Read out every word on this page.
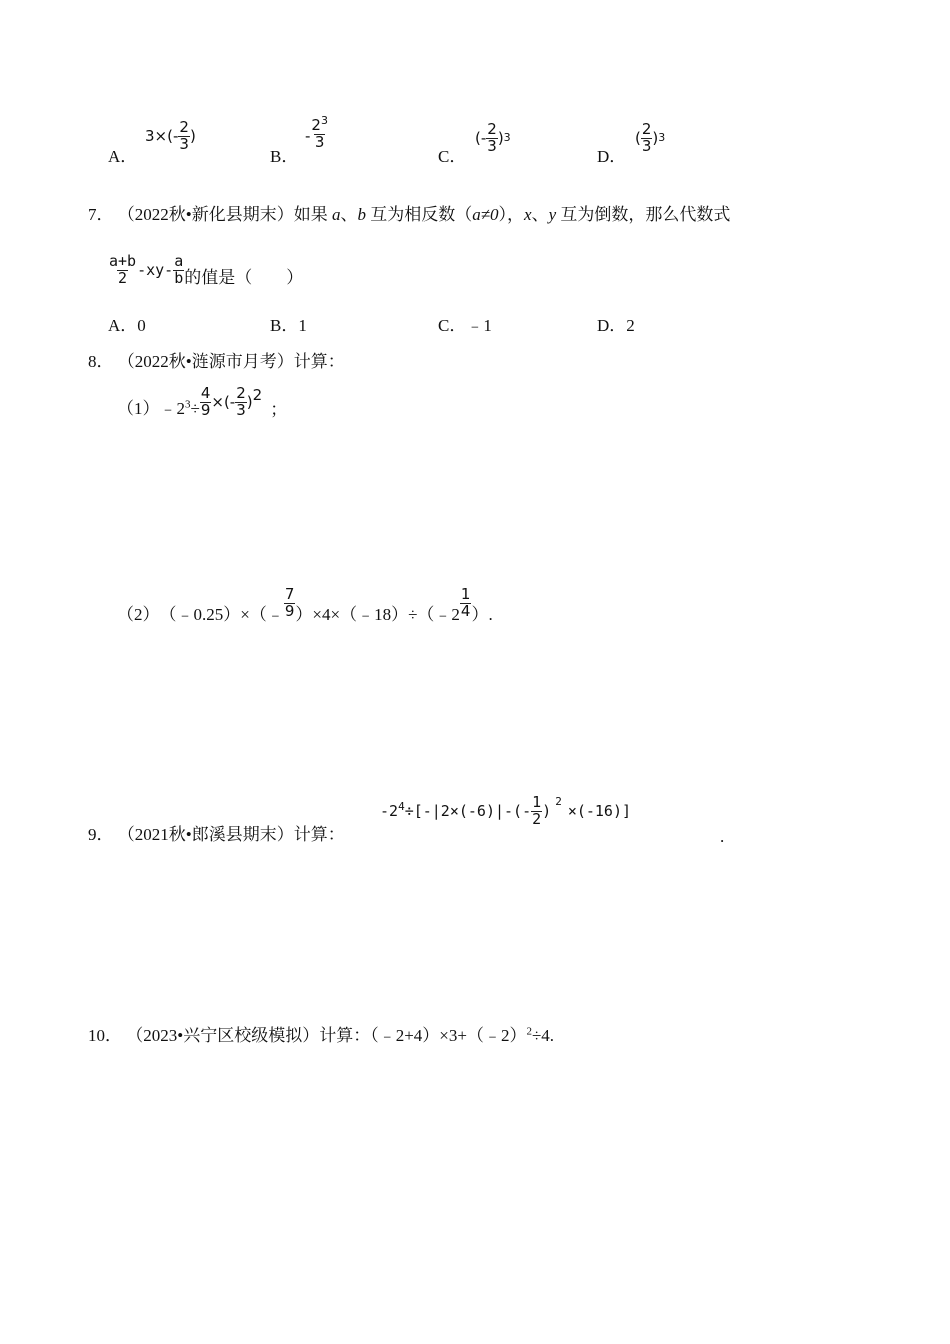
A．
$3\times(- \frac{2}{3}$ )
B．
- $\frac{2^3}{3}$
C．
(- $\frac{2}{3}$ ) 3
D．
( $\frac{2}{3}$ ) 3
7． （2022秋•新化县期末）如果 a、b 互为相反数（a≠0），x、y 互为倒数，那么代数式
$\frac{a+b}{2} -xy- \frac{a}{b}$ 的值是（　　）
A．0	B．1	C．﹣1	D．2
8． （2022秋•涟源市月考）计算：
（1） $﹣2^3\div \frac{4}{9}$ ×(- $\frac{2}{3}$ ) 2
；
（2） （﹣0.25）×（﹣ $\frac{7}{9}$ ）×4×（﹣18）÷（﹣2 $\frac{1}{4}$ ）.
9． （2021秋•郎溪县期末）计算：
$-2^4 \div[-|2\times(-6)|-(- \frac{1}{2}$ ) 2 ×(-16)]
.
10． （2023•兴宁区校级模拟）计算：（﹣2+4）×3+（﹣2）$^2$÷4.
